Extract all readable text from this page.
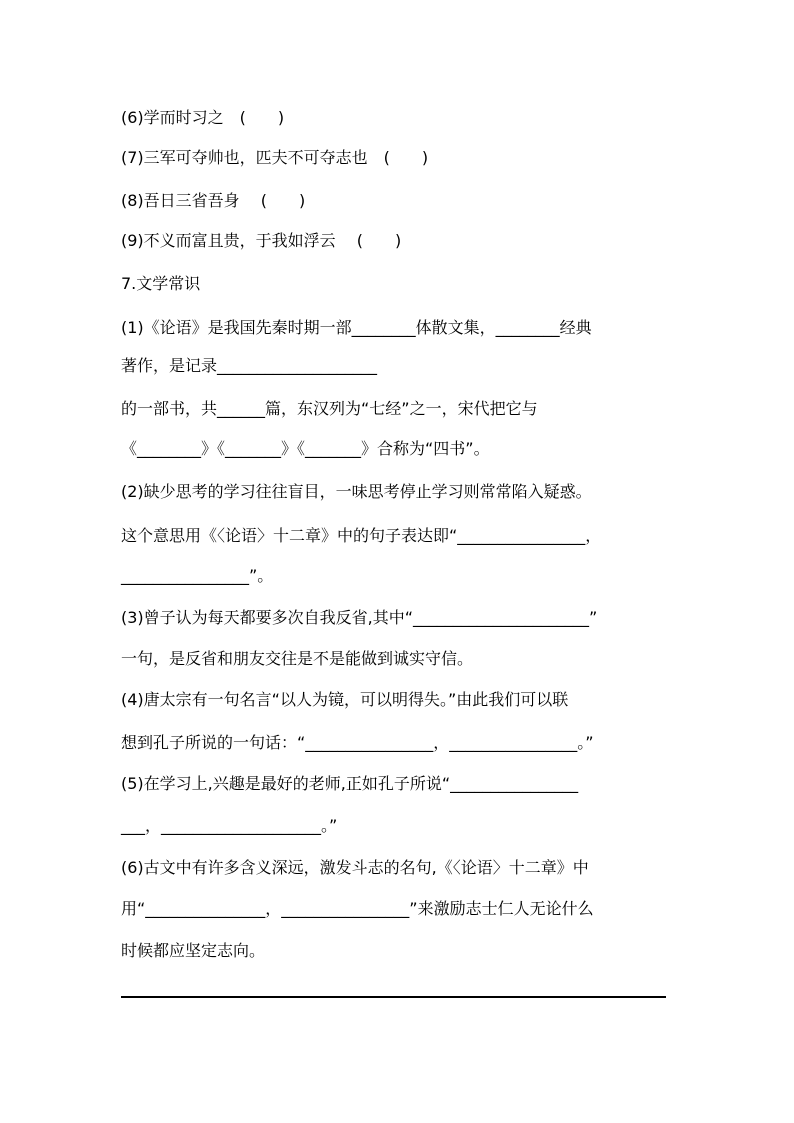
(6)学而时习之　(　　)
(7)三军可夺帅也，匹夫不可夺志也　(　　)
(8)吾日三省吾身　 (　　)
(9)不义而富且贵，于我如浮云　 (　　)
7.文学常识
(1)《论语》是我国先秦时期一部________体散文集，________经典
著作，是记录____________________
的一部书，共______篇，东汉列为“七经”之一，宋代把它与
《________》《_______》《_______》合称为“四书”。
(2)缺少思考的学习往往盲目，一味思考停止学习则常常陷入疑惑。
这个意思用《〈论语〉十二章》中的句子表达即“________________，
________________”。
(3)曾子认为每天都要多次自我反省,其中“______________________”
一句，是反省和朋友交往是不是能做到诚实守信。
(4)唐太宗有一句名言“以人为镜，可以明得失。”由此我们可以联
想到孔子所说的一句话：“________________，________________。”
(5)在学习上,兴趣是最好的老师,正如孔子所说“________________
___，____________________。”
(6)古文中有许多含义深远，激发斗志的名句,《〈论语〉十二章》中
用“_______________，________________”来激励志士仁人无论什么
时候都应坚定志向。
